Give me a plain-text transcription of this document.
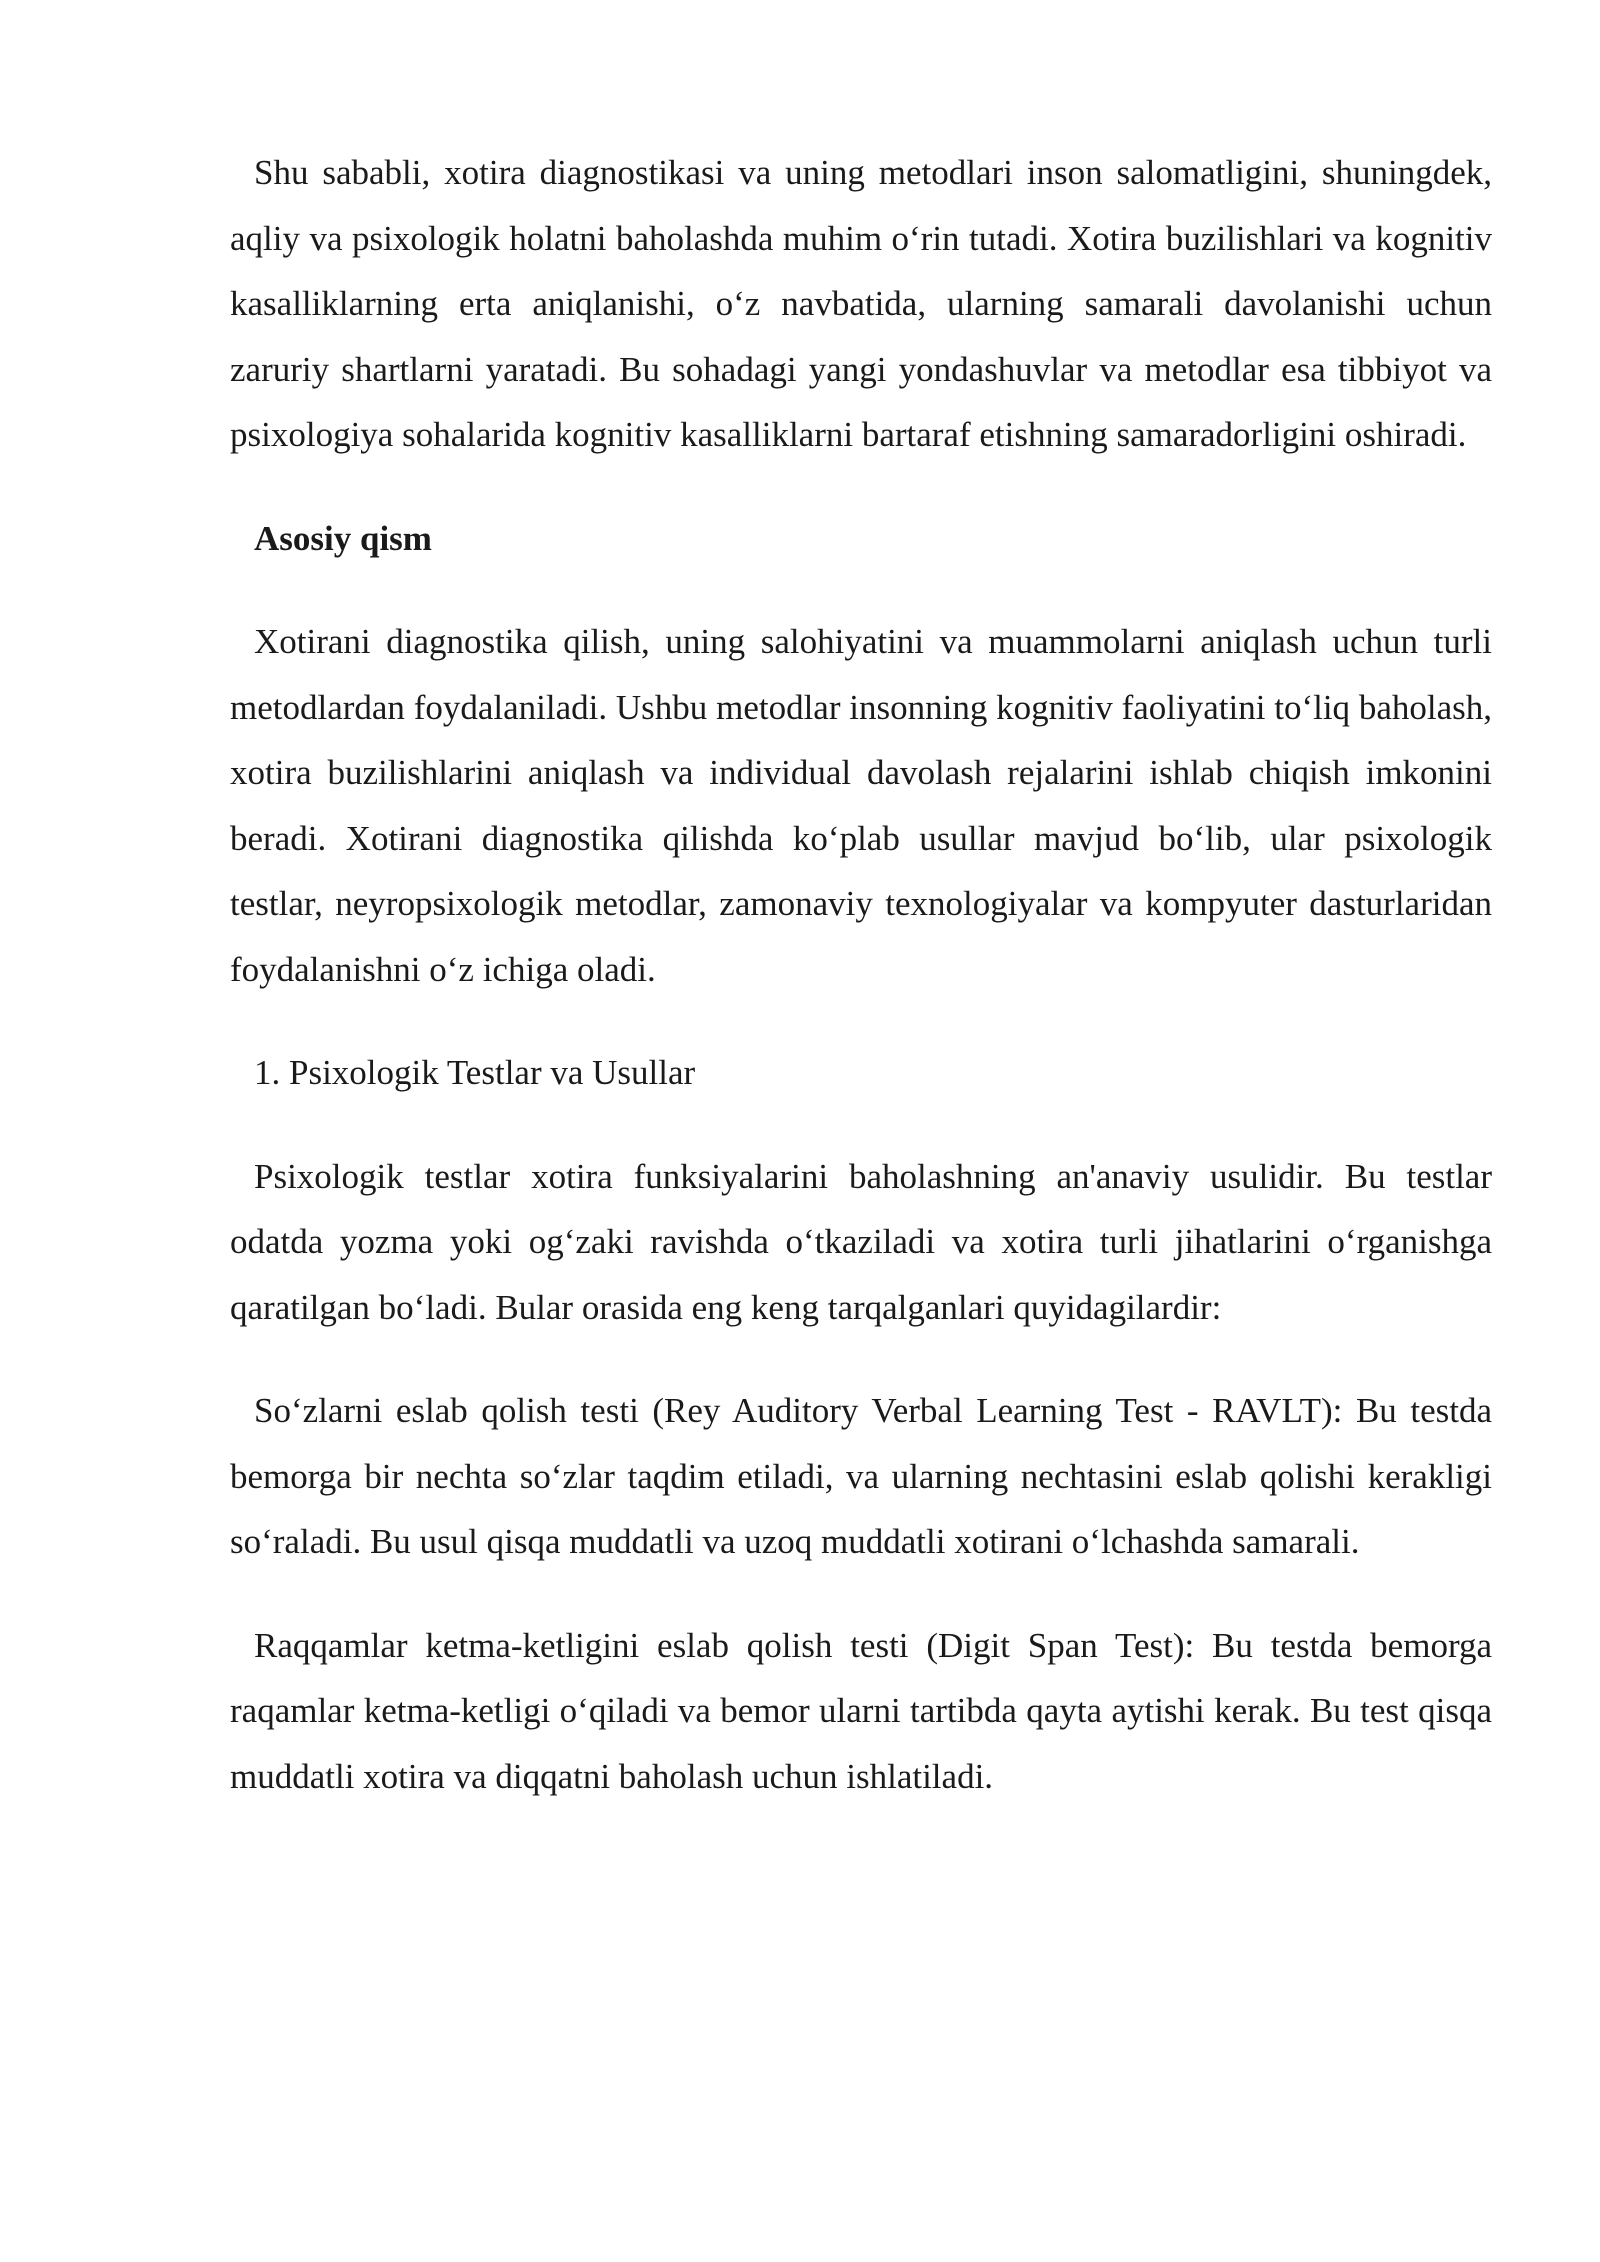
Shu sababli, xotira diagnostikasi va uning metodlari inson salomatligini, shuningdek, aqliy va psixologik holatni baholashda muhim o‘rin tutadi. Xotira buzilishlari va kognitiv kasalliklarning erta aniqlanishi, o‘z navbatida, ularning samarali davolanishi uchun zaruriy shartlarni yaratadi. Bu sohadagi yangi yondashuvlar va metodlar esa tibbiyot va psixologiya sohalarida kognitiv kasalliklarni bartaraf etishning samaradorligini oshiradi.

Asosiy qism

Xotirani diagnostika qilish, uning salohiyatini va muammolarni aniqlash uchun turli metodlardan foydalaniladi. Ushbu metodlar insonning kognitiv faoliyatini to‘liq baholash, xotira buzilishlarini aniqlash va individual davolash rejalarini ishlab chiqish imkonini beradi. Xotirani diagnostika qilishda ko‘plab usullar mavjud bo‘lib, ular psixologik testlar, neyropsixologik metodlar, zamonaviy texnologiyalar va kompyuter dasturlaridan foydalanishni o‘z ichiga oladi.

1. Psixologik Testlar va Usullar

Psixologik testlar xotira funksiyalarini baholashning an'anaviy usulidir. Bu testlar odatda yozma yoki og‘zaki ravishda o‘tkaziladi va xotira turli jihatlarini o‘rganishga qaratilgan bo‘ladi. Bular orasida eng keng tarqalganlari quyidagilardir:

So‘zlarni eslab qolish testi (Rey Auditory Verbal Learning Test - RAVLT): Bu testda bemorga bir nechta so‘zlar taqdim etiladi, va ularning nechtasini eslab qolishi kerakligi so‘raladi. Bu usul qisqa muddatli va uzoq muddatli xotirani o‘lchashda samarali.

Raqqamlar ketma-ketligini eslab qolish testi (Digit Span Test): Bu testda bemorga raqamlar ketma-ketligi o‘qiladi va bemor ularni tartibda qayta aytishi kerak. Bu test qisqa muddatli xotira va diqqatni baholash uchun ishlatiladi.
